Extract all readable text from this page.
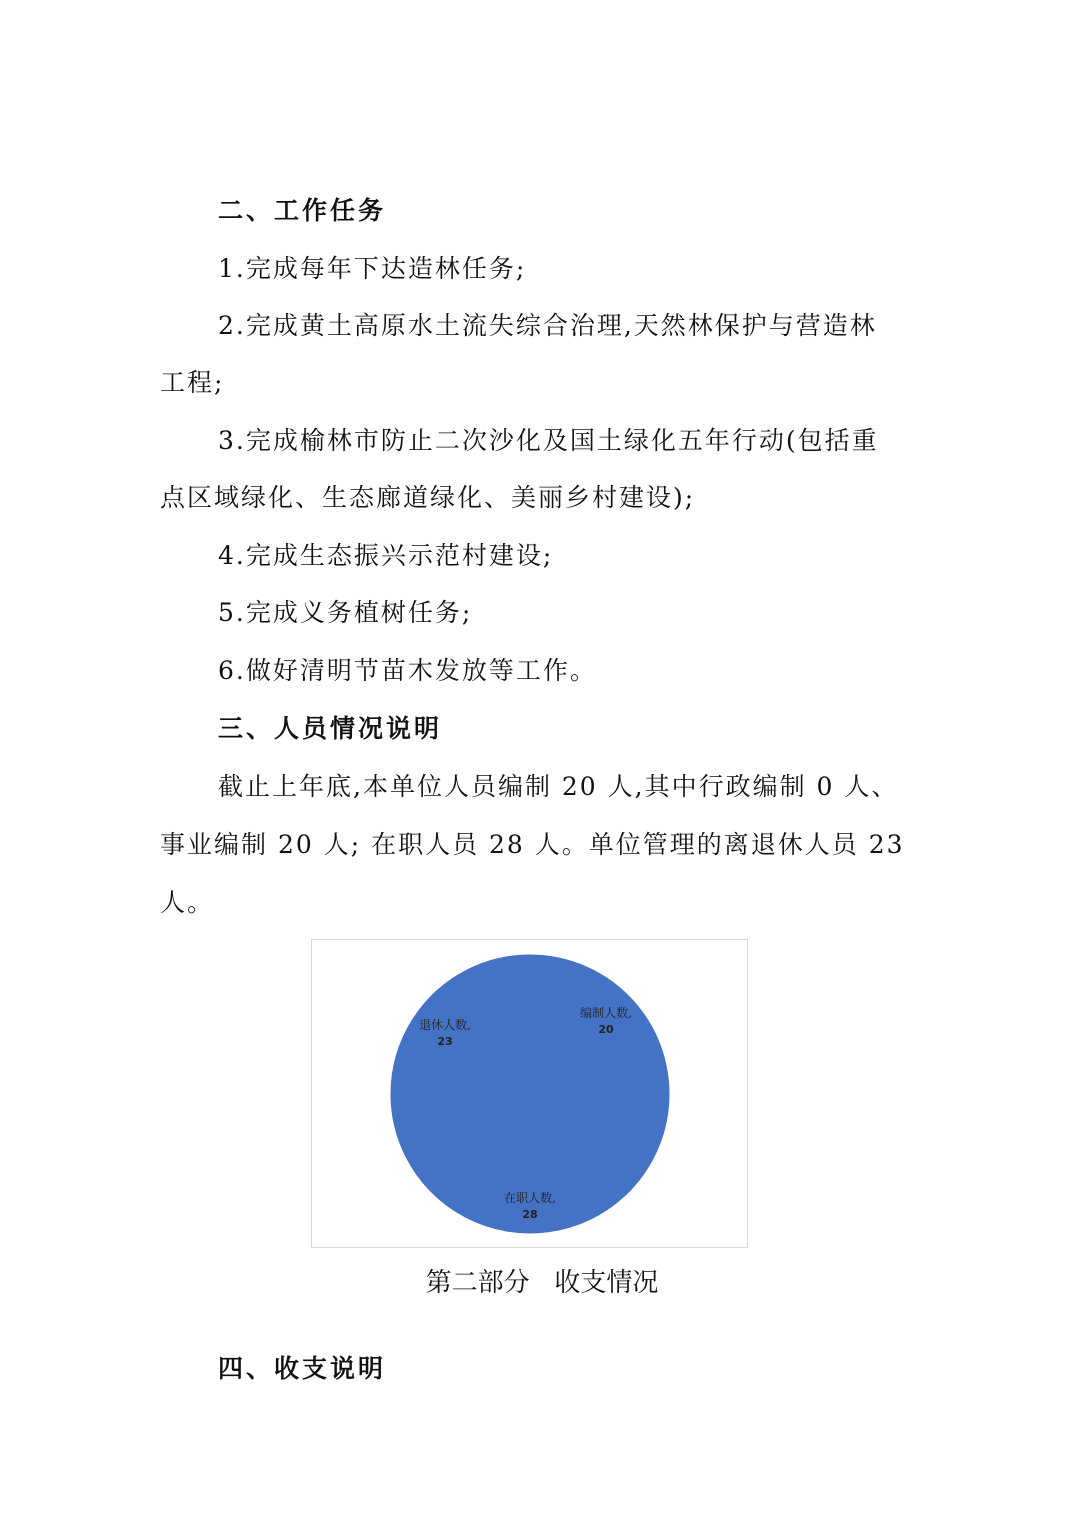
二、工作任务
1.完成每年下达造林任务;
2.完成黄土高原水土流失综合治理,天然林保护与营造林
工程;
3.完成榆林市防止二次沙化及国土绿化五年行动(包括重
点区域绿化、生态廊道绿化、美丽乡村建设);
4.完成生态振兴示范村建设;
5.完成义务植树任务;
6.做好清明节苗木发放等工作。
三、人员情况说明
截止上年底,本单位人员编制 20 人,其中行政编制 0 人、
事业编制 20 人; 在职人员 28 人。单位管理的离退休人员 23
人。
编制人数,
20
在职人数,
28
退休人数,
23
第二部分   收支情况
四、收支说明
